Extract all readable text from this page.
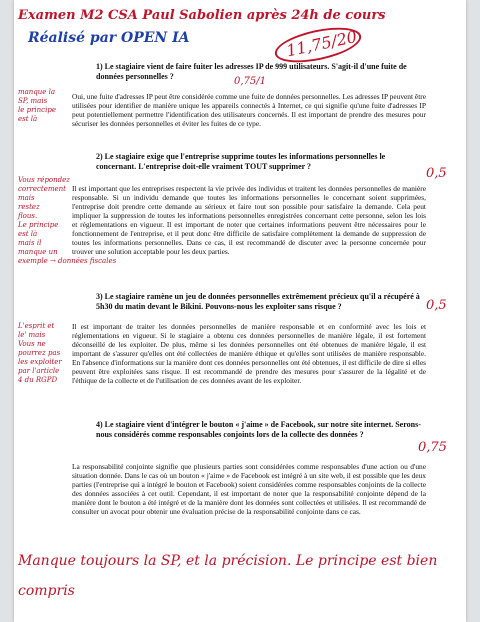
Examen M2 CSA Paul Sabolien après 24h de cours
Réalisé par OPEN IA	11,75/20
1) Le stagiaire vient de faire fuiter les adresses IP de 999 utilisateurs. S'agit-il d'une fuite de données personnelles ?
Oui, une fuite d'adresses IP peut être considérée comme une fuite de données personnelles. Les adresses IP peuvent être utilisées pour identifier de manière unique les appareils connectés à Internet, ce qui signifie qu'une fuite d'adresses IP peut potentiellement permettre l'identification des utilisateurs concernés. Il est important de prendre des mesures pour sécuriser les données personnelles et éviter les fuites de ce type.
manque la
SP, mais
le principe
est là
0,75/1
2) Le stagiaire exige que l'entreprise supprime toutes les informations personnelles le concernant. L'entreprise doit-elle vraiment TOUT supprimer ?
Il est important que les entreprises respectent la vie privée des individus et traitent les données personnelles de manière responsable. Si un individu demande que toutes les informations personnelles le concernant soient supprimées, l'entreprise doit prendre cette demande au sérieux et faire tout son possible pour satisfaire la demande. Cela peut impliquer la suppression de toutes les informations personnelles enregistrées concernant cette personne, selon les lois et réglementations en vigueur. Il est important de noter que certaines informations peuvent être nécessaires pour le fonctionnement de l'entreprise, et il peut donc être difficile de satisfaire complètement la demande de suppression de toutes les informations personnelles. Dans ce cas, il est recommandé de discuter avec la personne concernée pour trouver une solution acceptable pour les deux parties.
Vous répondez
correctement
mais
restez
flous.
Le principe
est là
mais il
manque un
exemple → données fiscales
0,5
3) Le stagiaire ramène un jeu de données personnelles extrêmement précieux qu'il a récupéré à 5h30 du matin devant le Bikini. Pouvons-nous les exploiter sans risque ?
Il est important de traiter les données personnelles de manière responsable et en conformité avec les lois et réglementations en vigueur. Si le stagiaire a obtenu ces données personnelles de manière légale, il est fortement déconseillé de les exploiter. De plus, même si les données personnelles ont été obtenues de manière légale, il est important de s'assurer qu'elles ont été collectées de manière éthique et qu'elles sont utilisées de manière responsable. En l'absence d'informations sur la manière dont ces données personnelles ont été obtenues, il est difficile de dire si elles peuvent être exploitées sans risque. Il est recommandé de prendre des mesures pour s'assurer de la légalité et de l'éthique de la collecte et de l'utilisation de ces données avant de les exploiter.
L'esprit et
le' mais
Vous ne
pourrez pas
les exploiter
par l'article
4 du RGPD
0,5
4) Le stagiaire vient d'intégrer le bouton « j'aime » de Facebook, sur notre site internet. Serons-nous considérés comme responsables conjoints lors de la collecte des données ?
La responsabilité conjointe signifie que plusieurs parties sont considérées comme responsables d'une action ou d'une situation donnée. Dans le cas où un bouton « j'aime » de Facebook est intégré à un site web, il est possible que les deux parties (l'entreprise qui a intégré le bouton et Facebook) soient considérées comme responsables conjoints de la collecte des données associées à cet outil. Cependant, il est important de noter que la responsabilité conjointe dépend de la manière dont le bouton a été intégré et de la manière dont les données sont collectées et utilisées. Il est recommandé de consulter un avocat pour obtenir une évaluation précise de la responsabilité conjointe dans ce cas.
0,75
Manque toujours la SP, et la précision. Le principe est bien compris
